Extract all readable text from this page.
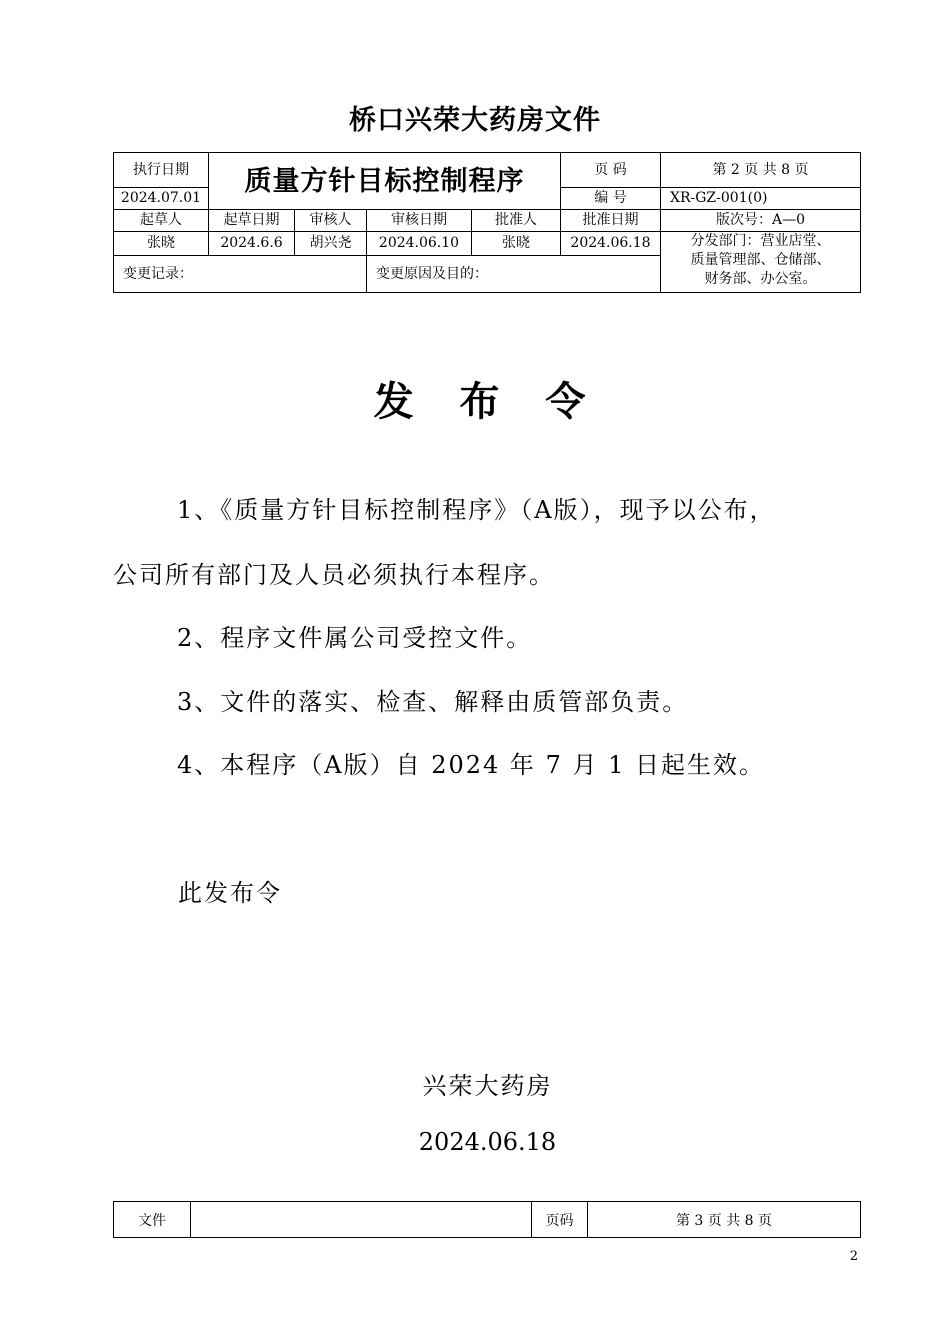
桥口兴荣大药房文件
执行日期	质量方针目标控制程序				页 码	第 2 页 共 8 页
2024.07.01					编 号	XR-GZ-001(0)
起草人	起草日期	审核人	审核日期	批准人	批准日期	版次号：A—0
张晓	2024.6.6	胡兴尧	2024.06.10	张晓	2024.06.18	分发部门：营业店堂、
质量管理部、仓储部、
财务部、办公室。

变更记录：			变更原因及目的：			
发 布 令
1、《质量方针目标控制程序》（A版），现予以公布，
公司所有部门及人员必须执行本程序。
2、程序文件属公司受控文件。
3、文件的落实、检查、解释由质管部负责。
4、本程序（A版）自 2024 年 7 月 1 日起生效。
此发布令
兴荣大药房
2024.06.18
文件		页码	第 3 页 共 8 页
2
